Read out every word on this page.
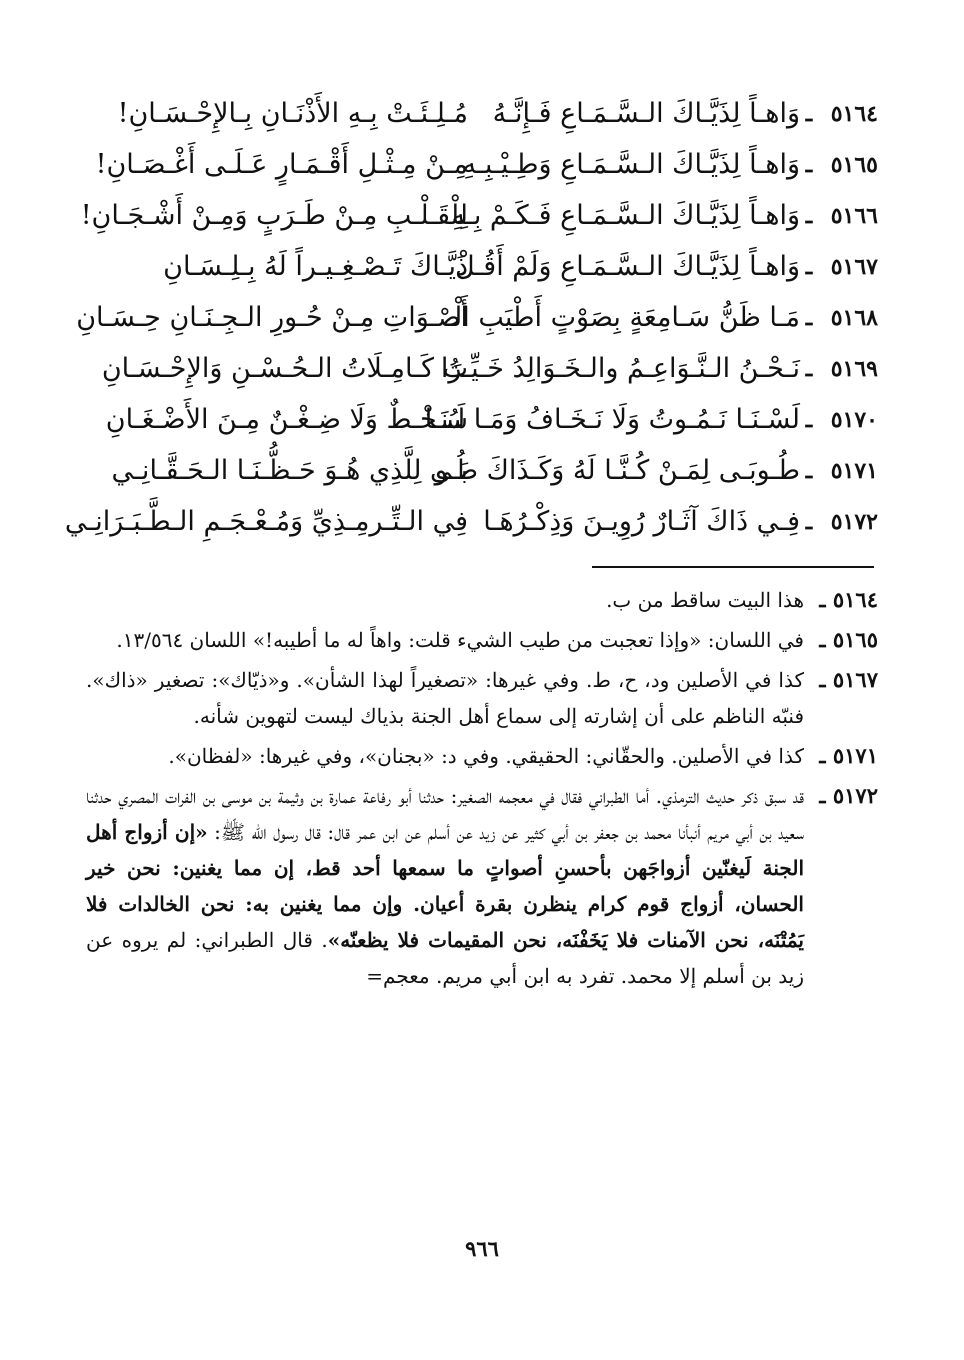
٥١٦٤
ـ
وَاهـاً لِذَيَّـاكَ الـسَّـمَـاعِ فَـإِنَّـهُ
مُـلِـئَـتْ بِـهِ الأَذْنَـانِ بِـالإِحْـسَـانِ!
٥١٦٥
ـ
وَاهـاً لِذَيَّـاكَ الـسَّـمَـاعِ وَطِـيْـبِـهِ
مِـنْ مِـثْـلِ أَقْـمَـارٍ عَـلَـى أَغْـصَـانِ!
٥١٦٦
ـ
وَاهـاً لِذَيَّـاكَ الـسَّـمَـاعِ فَـكَـمْ بِـهِ
لِلْقَـلْـبِ مِـنْ طَـرَبٍ وَمِـنْ أَشْـجَـانِ!
٥١٦٧
ـ
وَاهـاً لِذَيَّـاكَ الـسَّـمَـاعِ وَلَمْ أَقُـلْ
ذَيَّـاكَ تَـصْـغِـيـراً لَهُ بِـلِـسَـانِ
٥١٦٨
ـ
مَـا ظَنُّ سَـامِعَةٍ بِصَوْتٍ أَطْيَبِ الْـ
أَصْـوَاتِ مِـنْ حُـورِ الـجِـنَـانِ حِـسَـانِ
٥١٦٩
ـ
نَـحْـنُ الـنَّـوَاعِـمُ والـخَـوَالِدُ خَـيِّـرَا
تُ كَـامِـلَاتُ الـحُـسْـنِ وَالإِحْـسَـانِ
٥١٧٠
ـ
لَسْـنَـا نَـمُـوتُ وَلَا نَـخَـافُ وَمَـا لَـنَـا
سُـخْـطٌ وَلَا ضِـغْـنٌ مِـنَ الأَضْـغَـانِ
٥١٧١
ـ
طُـوبَـى لِمَـنْ كُـنَّـا لَهُ وَكَـذَاكَ طُـو
بَـى لِلَّذِي هُـوَ حَـظُّـنَـا الـحَـقَّـانِـي
٥١٧٢
ـ
فِـي ذَاكَ آثَـارٌ رُوِيـنَ وَذِكْـرُهَـا
فِي الـتِّـرمِـذِيِّ وَمُـعْـجَـمِ الـطَّـبَـرَانِـي
٥١٦٤ ـ
هذا البيت ساقط من ب.
٥١٦٥ ـ
في اللسان: «وإذا تعجبت من طيب الشيء قلت: واهاً له ما أطيبه!» اللسان ١٣/٥٦٤.
٥١٦٧ ـ
كذا في الأصلين ود، ح، ط. وفي غيرها: «تصغيراً لهذا الشأن». و«ذيّاك»: تصغير «ذاك». فنبّه الناظم على أن إشارته إلى سماع أهل الجنة بذياك ليست لتهوين شأنه.
٥١٧١ ـ
كذا في الأصلين. والحقّاني: الحقيقي. وفي د: «بجنان»، وفي غيرها: «لفظان».
٥١٧٢ ـ
قد سبق ذكر حديث الترمذي. أما الطبراني فقال في معجمه الصغير: حدثنا أبو رفاعة عمارة بن وثيمة بن موسى بن الفرات المصري حدثنا سعيد بن أبي مريم أنبأنا محمد بن جعفر بن أبي كثير عن زيد عن أسلم عن ابن عمر قال: قال رسول الله ﷺ: «إن أزواج أهل الجنة لَيغنّين أزواجَهن بأحسنِ أصواتٍ ما سمعها أحد قط، إن مما يغنين: نحن خير الحسان، أزواج قوم كرام ينظرن بقرة أعيان. وإن مما يغنين به: نحن الخالدات فلا يَمُتْنَه، نحن الآمنات فلا يَخَفْنَه، نحن المقيمات فلا يظعنّه». قال الطبراني: لم يروه عن زيد بن أسلم إلا محمد. تفرد به ابن أبي مريم. معجم=
٩٦٦
